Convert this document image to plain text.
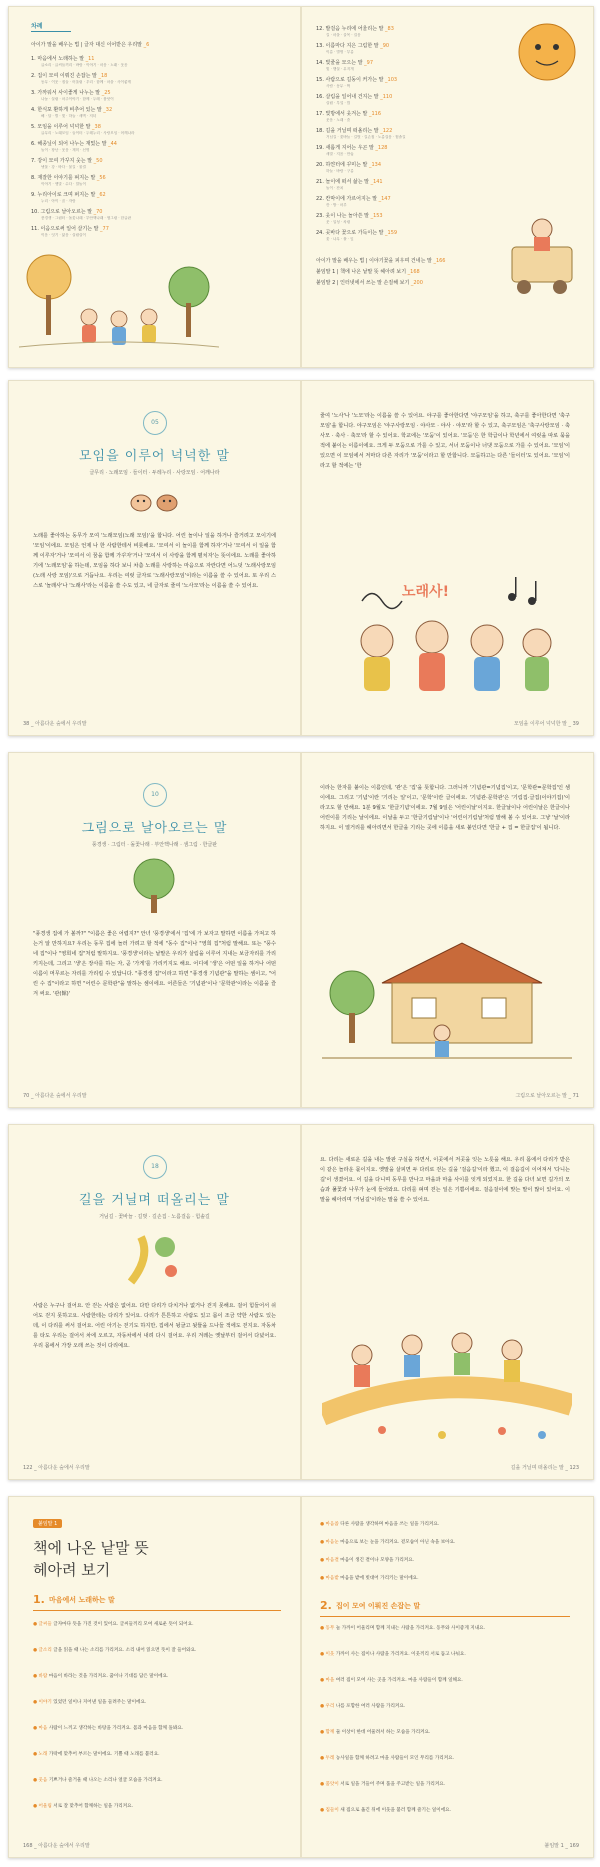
차례
아이가 말을 배우는 법 | 글자 대신 이어받은 우리말 _6
1. 마음에서 노래하는 말 _11
글소리 · 글씨들끼리 · 바람 · 이야기 · 마음 · 노래 · 웃음
2. 집이 모여 이뤄진 손잡는 말 _18
동무 · 이웃 · 집들 · 어울림 · 우리 · 함께 · 마을 · 사이좋게
3. 가까워서 사이좋게 나누는 말 _25
나눔 · 살림 · 마주이야기 · 함께 · 두레 · 품앗이
4. 한식포 환하게 비추어 있는 말 _32
해 · 달 · 별 · 빛 · 하늘 · 새벽 · 저녁
5. 모임을 이루어 넉넉한 말 _38
글무리 · 노래모임 · 들이터 · 두레누리 · 사랑모임 · 어깨나라
6. 해종닢이 되어 나누는 재밌는 말 _44
놀이 · 장난 · 웃음 · 재미 · 신명
7. 강이 모여 가꾸지 웃는 말 _50
냇물 · 강 · 바다 · 물길 · 물결
8. 재잘한 이야기를 펴지는 말 _56
이야기 · 옛말 · 수다 · 말놀이
9. 누리아이로 크며 퍼지는 말 _62
누리 · 아이 · 꿈 · 자람
10. 그림으로 날아오르는 말 _70
풍경생 · 그림터 · 돌꽃나래 · 부안핵나래 · 샘그림 · 한글판
11. 이음으로써 일어 살기는 말 _77
이음 · 잇기 · 닮음 · 살림살이

12. 발걸음 누리에 어울리는 말 _83
길 · 마을 · 골목 · 걸음
13. 이름마다 지은 그림한 말 _90
이름 · 별명 · 부름
14. 빛줄을 모으는 말 _97
빛 · 햇살 · 무지개
15. 사람으로 길동이 커가는 말 _103
사람 · 동무 · 짝
16. 살림을 일어내 건지는 말 _110
살림 · 부엌 · 밥
17. 빛방에서 웃겨는 말 _116
웃음 · 노래 · 춤
18. 길을 거닐며 떠올리는 말 _122
거님길 · 꽃바늘 · 길벗 · 길손집 · 노름걸음 · 힘솔길
19. 새롭게 지어는 우곤 말 _128
새말 · 지음 · 만듦
20. 하얀터에 꾸미는 말 _134
하늘 · 바람 · 구름
21. 놀이에 떠서 삶는 말 _141
놀이 · 잔치
22. 칸막이에 가르어지는 말 _147
칸 · 방 · 마루
23. 웃이 나는 놀아쓴 말 _153
웃 · 입성 · 차림
24. 곳바다 꽃으로 가득이는 말 _159
꽃 · 나무 · 풀 · 잎
아이가 말을 배우는 법 | 이야기꽃을 피우며 건네는 말 _166
붙임말 1 | 책에 나온 낱말 뜻 헤아려 보기 _168
붙임말 2 | 인터넷에서 쓰는 말 손질해 보기 _200

05
모임을 이루어 넉넉한 말
글무리 · 노래모임 · 들이터 · 두레누리 · 사랑모임 · 어깨나라
노래를 좋아하는 동무가 모여 '노래모임(노래 모임)'을 합니다. 어린 놀이나 일을 하거나 즐거려고 모이기에 '모임'이에요. 모임은 언제 나 한 사람한테서 비롯해요. '모여서 이 놀이를 함께 하자'거나 '모여서 이 일을 함께 이루자'거나 '모여서 이 꿈을 함께 가꾸자'거나 '모여서 이 사랑을 함께 펼치자'는 뜻이에요. 노래를 좋아하기에 '노래모임'을 하는데, 모임을 하다 보니 차츰 노래를 사랑하는 마음으로 자란다면 어느덧 '노래사랑모임(노래 사랑 모임)'으로 거듭나요. 우리는 여럿 글자로 '노래사랑모임'이라는 이름을 쓸 수 있어요. 또 우리 스스로 '놀래사'나 '노래사'라는 이름을 쓸 수도 있고, 네 글자로 줄여 '노사모'라는 이름을 쓸 수 있어요.
38 _ 아름다운 숲에서 우리말
줄여 '노사'나 '노모'라는 이름을 쓸 수 있어요. 야구를 좋아한다면 '야구모임'을 하고, 축구를 좋아한다면 '축구 모임'을 합니다. 야구모임은 '야구사랑모임 · 야사모 · 야사 · 야모'라 할 수 있고, 축구모임은 '축구사랑모임 · 축사모 · 축사 · 축모'라 할 수 있어요. 학교에는 '모둠'이 있어요. '모둠'은 한 학급이나 학년에서 여럿을 따로 묶을 적에 붙이는 이름이에요. 크게 두 모둠으로 가를 수 있고, 서너 모둠이나 너댓 모둠으로 가를 수 있어요. '모임'이 있으면 이 모임에서 저마다 다른 자리가 '모둠'이라고 할 만합니다. 모둠하고는 다른 '들이터'도 있어요. '모임'이라고 할 적에는 '한
노래사!
모임을 이루어 넉넉한 말 _ 39
10
그림으로 날아오르는 말
풍경생 · 그림터 · 돌꽃나래 · 부안핵나래 · 샘그림 · 한글판
"풍경생 집에 가 볼까?" "이름은 좋은 어렵지?" 안녀 '풍경생'에서 '집'에 가 보자고 말하면 이름을 가져고 하는거 알 만하지요? 우리는 동무 집에 놀러 가려고 할 적에 "동수 집"이나 "영희 집"처럼 말해요. 또는 "풍수네 집"이나 "영희네 집"처럼 말하지요. '풍경생'이라는 낱말은 우리가 살림을 이루어 지내는 보금자리를 가리키지는데, 그리고 '생'은 장사를 하는 자, 곧 '가게'를 가리키지도 해요. 어디에 '생'은 어떤 일을 하거나 어떤 이름이 머무르는 자리를 가리킬 수 있답니다. "풍경생 집"이라고 하면 "풍경생 기념관"을 말하는 셈이고, "어린 수 집"이라고 하면 "어린수 문학관"을 말하는 셈이에요. 어른들은 '기념관'이나 '문학관'이라는 이름을 즐겨 써요. '관(館)'
70 _ 아름다운 숲에서 우리말
이라는 한자를 붙이는 이름인데, '관'은 '집'을 뜻합니다. 그러니까 '기념관=기념집'이고, '문학관=문학집'인 셈이에요. 그리고 '기념'이란 '기리는 일'이고, '문학'이란 글이에요. '기념관·문학관'은 '기림집·글집(이야기집)'이라고도 할 만해요. 1분 9월도 '한글기념'이에요. 7월 9일은 '어린이날'이지요. 한글날이나 어린이날은 한글이나 어린이를 기리는 날이에요. 이날을 두고 '한글기림날'이나 '어린이기림날'처럼 말해 볼 수 있어요. 그냥 '날'이라 하지요. 이 열거리를 헤아리면서 한글을 기리는 곳에 이름을 새로 붙인다면 '한글 + 집 = 한글집'이 됩니다.
그림으로 날아오르는 말 _ 71
18
길을 거닐며 떠올리는 말
거님길 · 꽃바늘 · 길벗 · 길손집 · 노름걸음 · 힘솔길
사람은 누구나 걸어요. 안 걷는 사람은 없어요. 다만 다리가 다치거나 없거나 걷지 못해요. 걸어 힘들어서 쉬어도 걷지 못하고요. 사람한테는 다리가 있어요. 다리가 튼튼하고 사람도 있고 몸이 조금 약한 사람도 있는데, 이 다리를 써서 걸어요. 어린 아기는 걷기도 하지만, 집에서 뒹굴고 뒷뜰을 드나들 적에도 걷지요. 자동차를 타도 우리는 걸어서 차에 오르고, 자동차에서 내려 다시 걸어요. 우리 겨레는 옛날부터 걸어서 다녔어요. 우리 몸에서 가장 오래 쓰는 것이 다리예요.
122 _ 아름다운 숲에서 우리말
요. 다리는 새로운 길을 내는 발판 구실을 하면서, 이곳에서 저곳을 잇는 노릇을 해요. 우리 몸에서 다리가 받은 이 같은 놀라운 몫이지요. 옛말을 살피면 두 다리로 걷는 길을 '걸음길'이라 했고, 이 걸음길이 이어져서 '다니는 길'이 생겼어요. 이 길을 다니며 동무를 만나고 마을과 마을 사이를 잇게 되었지요. 한 길을 다녀 보면 길가의 모습과 풀꽃과 나무가 눈에 들어와요. 다리를 펴며 걷는 일은 기쁨이에요. 걸음걸이에 맞는 말이 많이 있어요. 이 말을 헤아리며 '거님길'이라는 말을 쓸 수 있어요.
길을 거닐며 떠올리는 말 _ 123
붙임말 1
책에 나온 낱말 뜻
헤아려 보기
1. 마음에서 노래하는 말
● 글씨들 글자마다 뜻을 가진 것이 있어요. 글씨들끼리 모여 새로운 뜻이 되어요.
● 글소리 글을 읽을 때 나는 소리를 가리켜요. 소리 내어 읽으면 뜻이 잘 들어와요.
● 바람 마음이 바라는 것을 가리켜요. 꿈이나 기대를 담은 말이에요.
● 이야기 있었던 일이나 지어낸 일을 들려주는 말이에요.
● 마음 사람이 느끼고 생각하는 바탕을 가리켜요. 몸과 마음을 함께 돌봐요.
● 노래 가락에 맞추어 부르는 말이에요. 기쁠 때 노래를 불러요.
● 웃음 기쁘거나 즐거울 때 나오는 소리나 얼굴 모습을 가리켜요.
● 어울림 서로 잘 맞추어 함께하는 일을 가리켜요.
168 _ 아름다운 숲에서 우리말
● 마음씀 다른 사람을 생각하며 마음을 쓰는 일을 가리켜요.
● 마음눈 마음으로 보는 눈을 가리켜요. 겉모습이 아닌 속을 보아요.
● 마음결 마음이 생긴 결이나 모양을 가리켜요.
● 마음밭 마음을 밭에 빗대어 가리키는 말이에요.
2. 집이 모여 이뤄진 손잡는 말
● 동무 늘 가까이 어울리며 함께 지내는 사람을 가리켜요. 동무와 사이좋게 지내요.
● 이웃 가까이 사는 집이나 사람을 가리켜요. 이웃끼리 서로 돕고 나눠요.
● 마을 여러 집이 모여 사는 곳을 가리켜요. 마을 사람들이 함께 일해요.
● 우리 나를 포함한 여러 사람을 가리켜요.
● 함께 둘 이상이 한데 어울려서 하는 모습을 가리켜요.
● 두레 농사일을 함께 하려고 마을 사람들이 모인 무리를 가리켜요.
● 품앗이 서로 일을 거들어 주며 품을 주고받는 일을 가리켜요.
● 집들이 새 집으로 옮긴 뒤에 이웃을 불러 함께 즐기는 일이에요.
붙임말 1 _ 169
